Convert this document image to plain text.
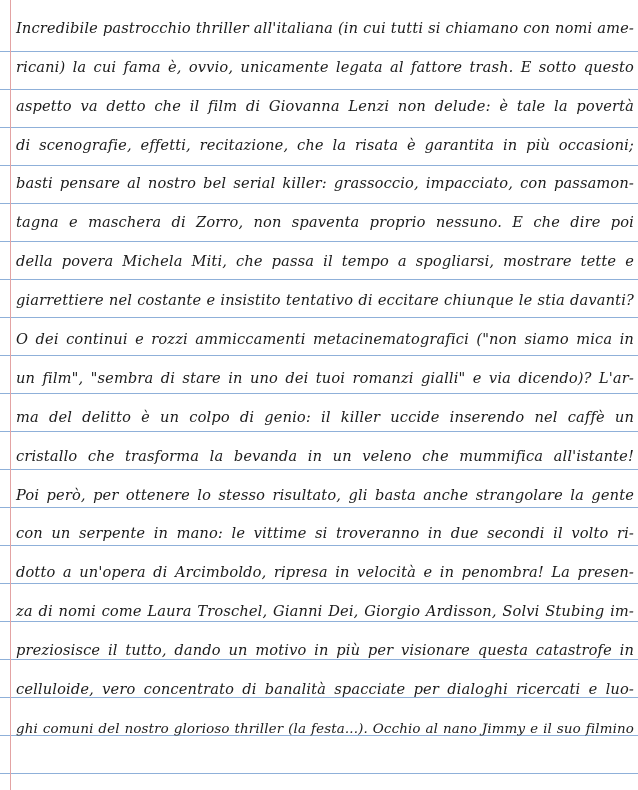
Incredibile pastrocchio thriller all'italiana (in cui tutti si chiamano con nomi ame-
ricani) la cui fama è, ovvio, unicamente legata al fattore trash. E sotto questo
aspetto va detto che il film di Giovanna Lenzi non delude: è tale la povertà
di scenografie, effetti, recitazione, che la risata è garantita in più occasioni;
basti pensare al nostro bel serial killer: grassoccio, impacciato, con passamon-
tagna e maschera di Zorro, non spaventa proprio nessuno. E che dire poi
della povera Michela Miti, che passa il tempo a spogliarsi, mostrare tette e
giarrettiere nel costante e insistito tentativo di eccitare chiunque le stia davanti?
O dei continui e rozzi ammiccamenti metacinematografici ("non siamo mica in
un film", "sembra di stare in uno dei tuoi romanzi gialli" e via dicendo)? L'ar-
ma del delitto è un colpo di genio: il killer uccide inserendo nel caffè un
cristallo che trasforma la bevanda in un veleno che mummifica all'istante!
Poi però, per ottenere lo stesso risultato, gli basta anche strangolare la gente
con un serpente in mano: le vittime si troveranno in due secondi il volto ri-
dotto a un'opera di Arcimboldo, ripresa in velocità e in penombra! La presen-
za di nomi come Laura Troschel, Gianni Dei, Giorgio Ardisson, Solvi Stubing im-
preziosisce il tutto, dando un motivo in più per visionare questa catastrofe in
celluloide, vero concentrato di banalità spacciate per dialoghi ricercati e luo-
ghi comuni del nostro glorioso thriller (la festa...). Occhio al nano Jimmy e il suo filmino
